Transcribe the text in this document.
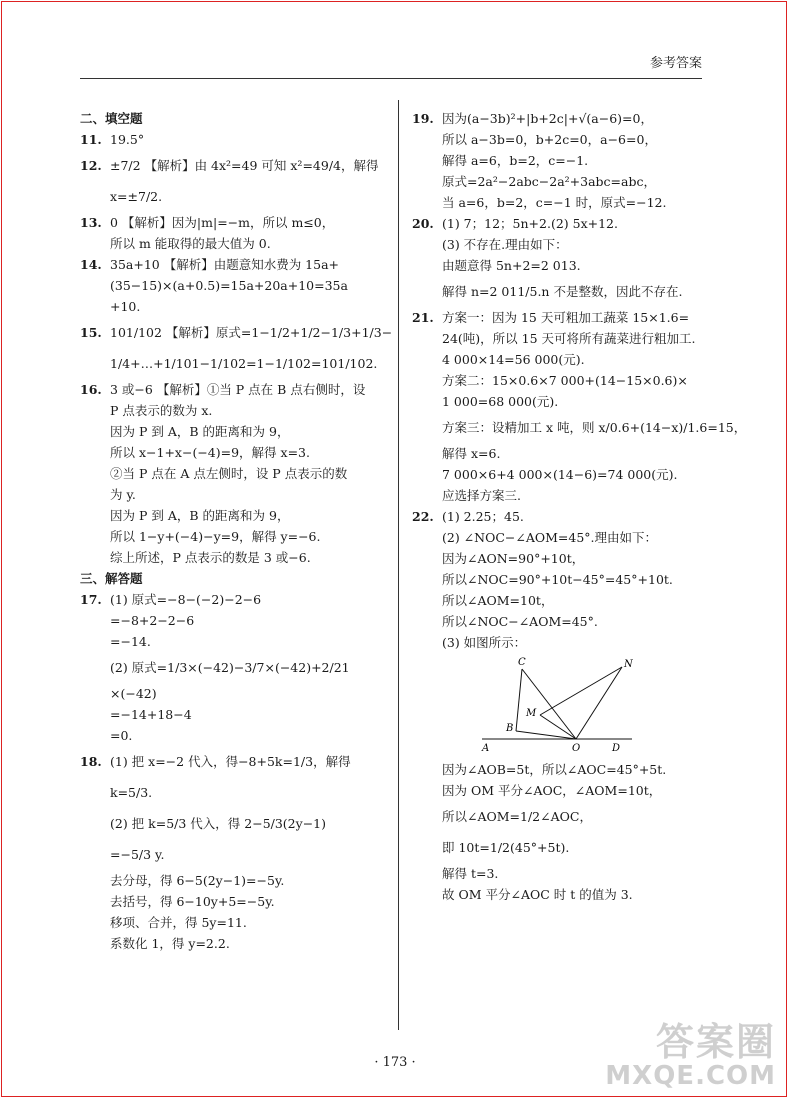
参考答案
二、填空题
11. 19.5°
12. ±7/2 【解析】由 4x²=49 可知 x²=49/4，解得
x=±7/2.
13. 0 【解析】因为|m|=−m，所以 m≤0，
所以 m 能取得的最大值为 0.
14. 35a+10 【解析】由题意知水费为 15a+
(35−15)×(a+0.5)=15a+20a+10=35a
+10.
15. 101/102 【解析】原式=1−1/2+1/2−1/3+1/3−
1/4+…+1/101−1/102=1−1/102=101/102.
16. 3 或−6 【解析】①当 P 点在 B 点右侧时，设
P 点表示的数为 x.
因为 P 到 A，B 的距离和为 9，
所以 x−1+x−(−4)=9，解得 x=3.
②当 P 点在 A 点左侧时，设 P 点表示的数
为 y.
因为 P 到 A，B 的距离和为 9，
所以 1−y+(−4)−y=9，解得 y=−6.
综上所述，P 点表示的数是 3 或−6.
三、解答题
17. (1) 原式=−8−(−2)−2−6
=−8+2−2−6
=−14.
(2) 原式=1/3×(−42)−3/7×(−42)+2/21
×(−42)
=−14+18−4
=0.
18. (1) 把 x=−2 代入，得−8+5k=1/3，解得
k=5/3.
(2) 把 k=5/3 代入，得 2−5/3(2y−1)
=−5/3 y.
去分母，得 6−5(2y−1)=−5y.
去括号，得 6−10y+5=−5y.
移项、合并，得 5y=11.
系数化 1，得 y=2.2.
19. 因为(a−3b)²+|b+2c|+√(a−6)=0，
所以 a−3b=0，b+2c=0，a−6=0，
解得 a=6，b=2，c=−1.
原式=2a²−2abc−2a²+3abc=abc，
当 a=6，b=2，c=−1 时，原式=−12.
20. (1) 7；12；5n+2.(2) 5x+12.
(3) 不存在.理由如下：
由题意得 5n+2=2 013.
解得 n=2 011/5.n 不是整数，因此不存在.
21. 方案一：因为 15 天可粗加工蔬菜 15×1.6=
24(吨)，所以 15 天可将所有蔬菜进行粗加工.
4 000×14=56 000(元).
方案二：15×0.6×7 000+(14−15×0.6)×
1 000=68 000(元).
方案三：设精加工 x 吨，则 x/0.6+(14−x)/1.6=15，
解得 x=6.
7 000×6+4 000×(14−6)=74 000(元).
应选择方案三.
22. (1) 2.25；45.
(2) ∠NOC−∠AOM=45°.理由如下：
因为∠AON=90°+10t，
所以∠NOC=90°+10t−45°=45°+10t.
所以∠AOM=10t，
所以∠NOC−∠AOM=45°.
(3) 如图所示：
C	N
M
B
A	O	D
因为∠AOB=5t，所以∠AOC=45°+5t.
因为 OM 平分∠AOC，∠AOM=10t，
所以∠AOM=1/2∠AOC，
即 10t=1/2(45°+5t).
解得 t=3.
故 OM 平分∠AOC 时 t 的值为 3.
· 173 ·	答案圈
MXQE.COM
